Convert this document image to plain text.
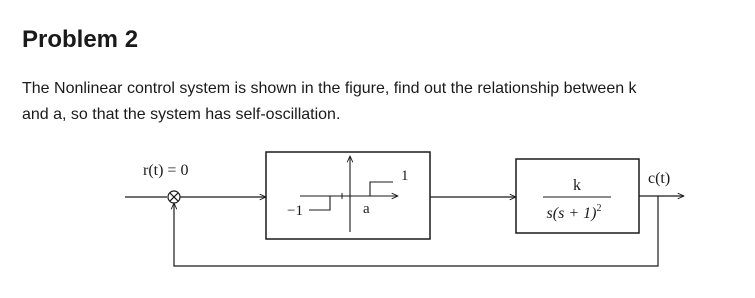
Problem 2

The Nonlinear control system is shown in the figure, find out the relationship between k
and a, so that the system has self-oscillation.

r(t) = 0	1
−1	a
k
$s(s + 1)^2$
c(t)
